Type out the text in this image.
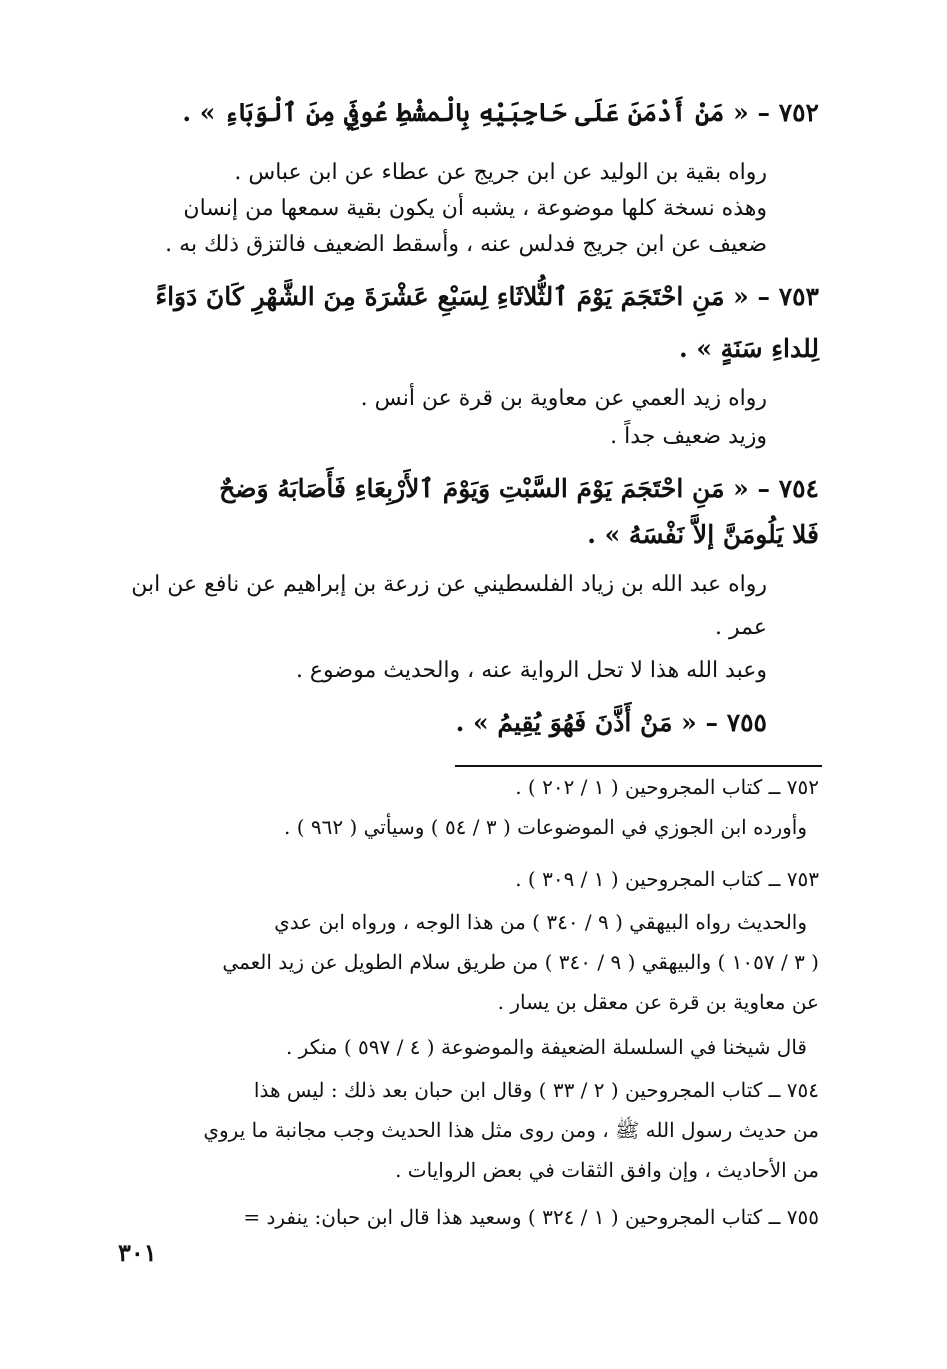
٧٥٢ – « مَنْ أَدْمَنَ عَلَى حَاجِبَيْهِ بِالْمشْطِ عُوفِيَ مِنَ ٱلْوَبَاءِ » .
رواه بقية بن الوليد عن ابن جريج عن عطاء عن ابن عباس .
وهذه نسخة كلها موضوعة ، يشبه أن يكون بقية سمعها من إنسان
ضعيف عن ابن جريج فدلس عنه ، وأسقط الضعيف فالتزق ذلك به .
٧٥٣ – « مَنِ احْتَجَمَ يَوْمَ ٱلثُّلاثَاءِ لِسَبْعِ عَشْرَةَ مِنَ الشَّهْرِ كَانَ دَوَاءً
لِلداءِ سَنَةٍ » .
رواه زيد العمي عن معاوية بن قرة عن أنس .
وزيد ضعيف جداً .
٧٥٤ – « مَنِ احْتَجَمَ يَوْمَ السَّبْتِ وَيَوْمَ ٱلأَرْبِعَاءِ فَأَصَابَهُ وَضحٌ
فَلا يَلُومَنَّ إلاَّ نَفْسَهُ » .
رواه عبد الله بن زياد الفلسطيني عن زرعة بن إبراهيم عن نافع عن ابن
عمر .
وعبد الله هذا لا تحل الرواية عنه ، والحديث موضوع .
٧٥٥ – « مَنْ أَذَّنَ فَهُوَ يُقِيمُ » .
٧٥٢ ــ كتاب المجروحين ( ١ / ٢٠٢ ) .
وأورده ابن الجوزي في الموضوعات ( ٣ / ٥٤ ) وسيأتي ( ٩٦٢ ) .
٧٥٣ ــ كتاب المجروحين ( ١ / ٣٠٩ ) .
والحديث رواه البيهقي ( ٩ / ٣٤٠ ) من هذا الوجه ، ورواه ابن عدي
( ٣ / ١٠٥٧ ) والبيهقي ( ٩ / ٣٤٠ ) من طريق سلام الطويل عن زيد العمي
عن معاوية بن قرة عن معقل بن يسار .
قال شيخنا في السلسلة الضعيفة والموضوعة ( ٤ / ٥٩٧ ) منكر .
٧٥٤ ــ كتاب المجروحين ( ٢ / ٣٣ ) وقال ابن حبان بعد ذلك : ليس هذا
من حديث رسول الله ﷺ ، ومن روى مثل هذا الحديث وجب مجانبة ما يروي
من الأحاديث ، وإن وافق الثقات في بعض الروايات .
٧٥٥ ــ كتاب المجروحين ( ١ / ٣٢٤ ) وسعيد هذا قال ابن حبان: ينفرد =
٣٠١
